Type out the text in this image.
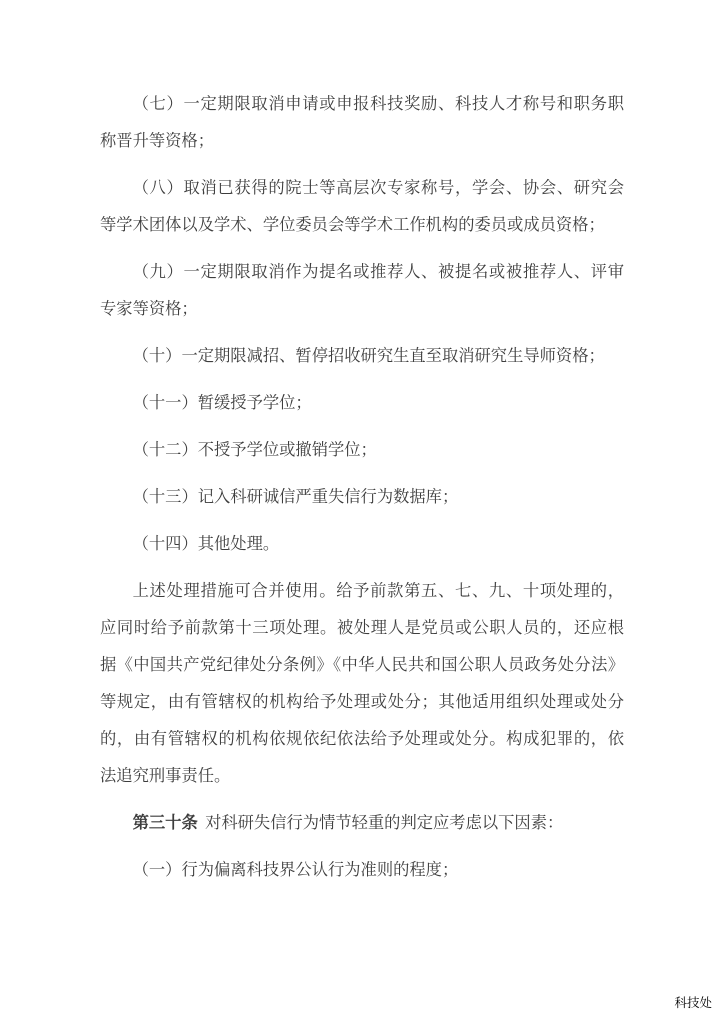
（七）一定期限取消申请或申报科技奖励、科技人才称号和职务职
称晋升等资格；
（八）取消已获得的院士等高层次专家称号，学会、协会、研究会
等学术团体以及学术、学位委员会等学术工作机构的委员或成员资格；
（九）一定期限取消作为提名或推荐人、被提名或被推荐人、评审
专家等资格；
（十）一定期限减招、暂停招收研究生直至取消研究生导师资格；
（十一）暂缓授予学位；
（十二）不授予学位或撤销学位；
（十三）记入科研诚信严重失信行为数据库；
（十四）其他处理。
上述处理措施可合并使用。给予前款第五、七、九、十项处理的，
应同时给予前款第十三项处理。被处理人是党员或公职人员的，还应根
据《中国共产党纪律处分条例》《中华人民共和国公职人员政务处分法》
等规定，由有管辖权的机构给予处理或处分；其他适用组织处理或处分
的，由有管辖权的机构依规依纪依法给予处理或处分。构成犯罪的，依
法追究刑事责任。
第三十条 对科研失信行为情节轻重的判定应考虑以下因素：
（一）行为偏离科技界公认行为准则的程度；
科技处
